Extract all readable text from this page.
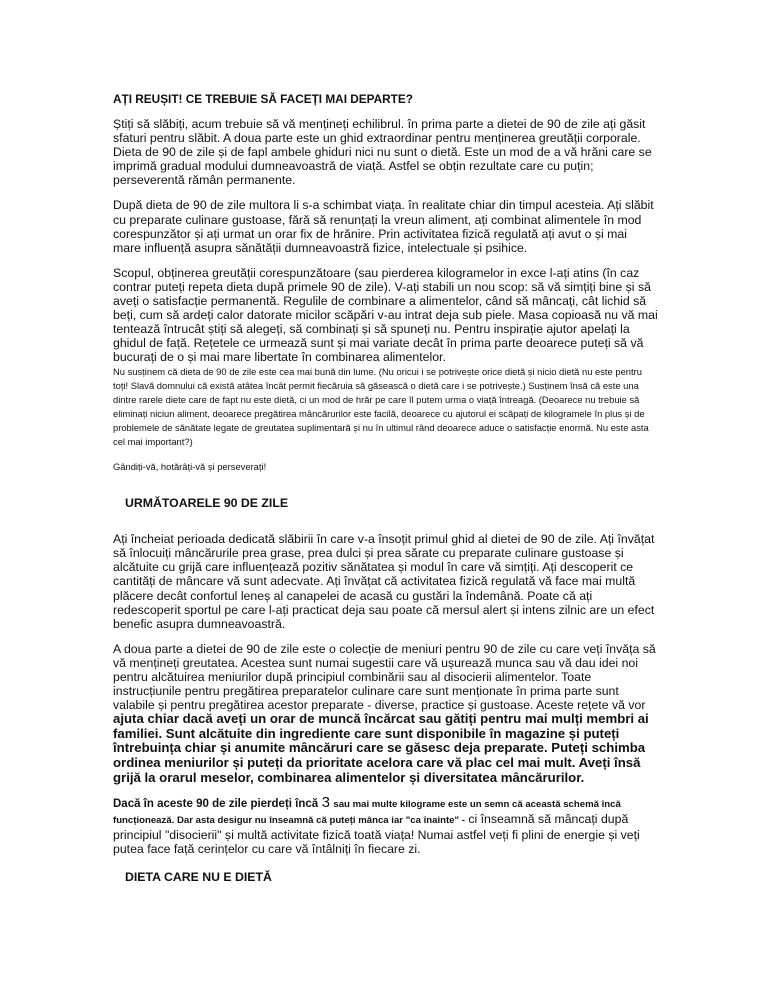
AȚI REUȘIT! CE TREBUIE SĂ FACEȚI MAI DEPARTE?

Știți să slăbiți, acum trebuie să vă mențineți echilibrul. în prima parte a dietei de 90 de zile ați găsit sfaturi pentru slăbit. A doua parte este un ghid extraordinar pentru menținerea greutății corporale. Dieta de 90 de zile și de fapl ambele ghiduri nici nu sunt o dietă. Este un mod de a vă hrăni care se imprimă gradual modului dumneavoastră de viață. Astfel se obțin rezultate care cu puțin; perseverentă rămân permanente.

După dieta de 90 de zile multora li s-a schimbat viața. în realitate chiar din timpul acesteia. Ați slăbit cu preparate culinare gustoase, fără să renunțați la vreun aliment, ați combinat alimentele în mod corespunzător și ați urmat un orar fix de hrănire. Prin activitatea fizică regulată ați avut o și mai mare influență asupra sănătății dumneavoastră fizice, intelectuale și psihice.

Scopul, obținerea greutății corespunzătoare (sau pierderea kilogramelor in exce l-ați atins (în caz contrar puteți repeta dieta după primele 90 de zile). V-ați stabili un nou scop: să vă simțiți bine și să aveți o satisfacție permanentă. Regulile de combinare a alimentelor, când să mâncați, cât lichid să beți, cum să ardeți calor datorate micilor scăpări v-au intrat deja sub piele. Masa copioasă nu vă mai tentează întrucât știți să alegeți, să combinați și să spuneți nu. Pentru inspirație ajutor apelați la ghidul de față. Rețetele ce urmează sunt și mai variate decât în prima parte deoarece puteți să vă bucurați de o și mai mare libertate în combinarea alimentelor.

Nu susținem că dieta de 90 de zile este cea mai bună din lume. (Nu oricui i se potrivește orice dietă și nicio dietă nu este pentru toți! Slavă domnului că există atâtea încât permit fiecăruia să găsească o dietă care i se potrivește.) Susținem însă că este una dintre rarele diete care de fapt nu este dietă, ci un mod de hrăr pe care îl putem urma o viață întreagă. (Deoarece nu trebuie să eliminați niciun aliment, deoarece pregătirea mâncărurilor este facilă, deoarece cu ajutorul ei scăpați de kilogramele în plus și de problemele de sănătate legate de greutatea suplimentară și nu în ultimul rând deoarece aduce o satisfacție enormă. Nu este asta cel mai important?)

Gândiți-vă, hotărâți-vă și perseverați!

URMĂTOARELE 90 DE ZILE

Ați încheiat perioada dedicată slăbirii în care v-a însoțit primul ghid al dietei de 90 de zile. Ați învățat să înlocuiți mâncărurile prea grase, prea dulci și prea sărate cu preparate culinare gustoase și alcătuite cu grijă care influențează pozitiv sănătatea și modul în care vă simțiți. Ați descoperit ce cantități de mâncare vă sunt adecvate. Ați învățat că activitatea fizică regulată vă face mai multă plăcere decât confortul leneș al canapelei de acasă cu gustări la îndemână. Poate că ați redescoperit sportul pe care l-ați practicat deja sau poate că mersul alert și intens zilnic are un efect benefic asupra dumneavoastră.

A doua parte a dietei de 90 de zile este o colecție de meniuri pentru 90 de zile cu care veți învăța să vă mențineți greutatea. Acestea sunt numai sugestii care vă ușurează munca sau vă dau idei noi pentru alcătuirea meniurilor după principiul combinării sau al disocierii alimentelor. Toate instrucțiunile pentru pregătirea preparatelor culinare care sunt menționate în prima parte sunt valabile și pentru pregătirea acestor preparate - diverse, practice și gustoase. Aceste rețete vă vor ajuta chiar dacă aveți un orar de muncă încărcat sau gătiți pentru mai mulți membri ai familiei. Sunt alcătuite din ingrediente care sunt disponibile în magazine și puteți întrebuința chiar și anumite mâncăruri care se găsesc deja preparate. Puteți schimba ordinea meniurilor și puteți da prioritate acelora care vă plac cel mai mult. Aveți însă grijă la orarul meselor, combinarea alimentelor și diversitatea mâncărurilor.

Dacă în aceste 90 de zile pierdeți încă 3 sau mai multe kilograme este un semn că această schemă încă funcționează. Dar asta desigur nu înseamnă că puteți mânca iar "ca înainte" - ci înseamnă să mâncați după principiul "disocierii" și multă activitate fizică toată viața! Numai astfel veți fi plini de energie și veți putea face față cerințelor cu care vă întâlniți în fiecare zi.

DIETA CARE NU E DIETĂ
